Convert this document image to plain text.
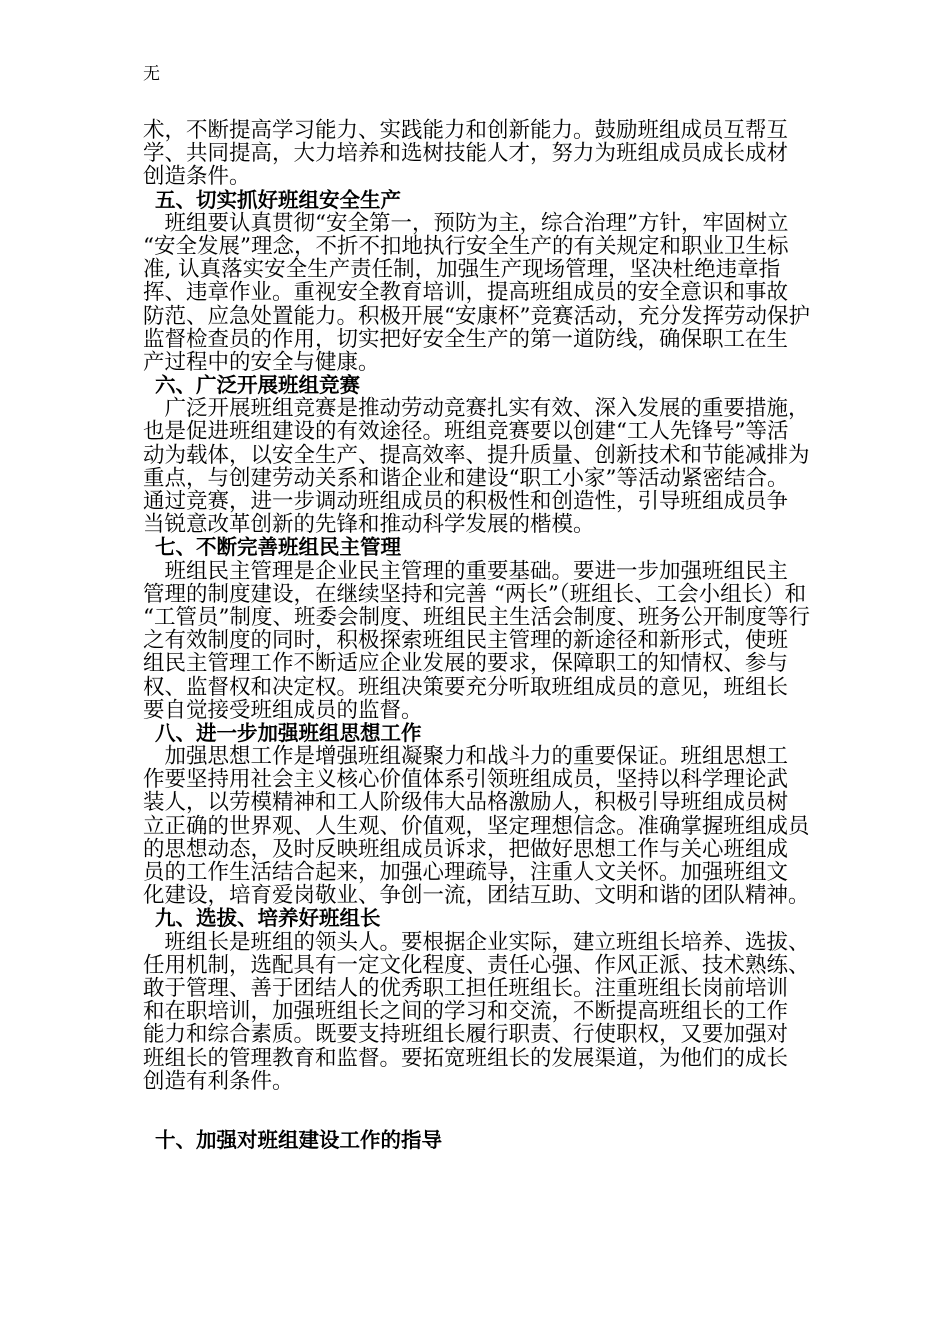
无
术，不断提高学习能力、实践能力和创新能力。鼓励班组成员互帮互
学、共同提高，大力培养和选树技能人才，努力为班组成员成长成材
创造条件。
五、切实抓好班组安全生产
　班组要认真贯彻“安全第一，预防为主，综合治理”方针，牢固树立
“安全发展”理念，不折不扣地执行安全生产的有关规定和职业卫生标
准, 认真落实安全生产责任制，加强生产现场管理，坚决杜绝违章指
挥、违章作业。重视安全教育培训，提高班组成员的安全意识和事故
防范、应急处置能力。积极开展“安康杯”竞赛活动，充分发挥劳动保护
监督检查员的作用，切实把好安全生产的第一道防线，确保职工在生
产过程中的安全与健康。
六、广泛开展班组竞赛
　广泛开展班组竞赛是推动劳动竞赛扎实有效、深入发展的重要措施，
也是促进班组建设的有效途径。班组竞赛要以创建“工人先锋号”等活
动为载体，以安全生产、提高效率、提升质量、创新技术和节能减排为
重点，与创建劳动关系和谐企业和建设“职工小家”等活动紧密结合。
通过竞赛，进一步调动班组成员的积极性和创造性，引导班组成员争
当锐意改革创新的先锋和推动科学发展的楷模。
七、不断完善班组民主管理
　班组民主管理是企业民主管理的重要基础。要进一步加强班组民主
管理的制度建设，在继续坚持和完善 “两长”（班组长、工会小组长）和
“工管员”制度、班委会制度、班组民主生活会制度、班务公开制度等行
之有效制度的同时，积极探索班组民主管理的新途径和新形式，使班
组民主管理工作不断适应企业发展的要求，保障职工的知情权、参与
权、监督权和决定权。班组决策要充分听取班组成员的意见，班组长
要自觉接受班组成员的监督。
八、进一步加强班组思想工作
　加强思想工作是增强班组凝聚力和战斗力的重要保证。班组思想工
作要坚持用社会主义核心价值体系引领班组成员，坚持以科学理论武
装人，以劳模精神和工人阶级伟大品格激励人，积极引导班组成员树
立正确的世界观、人生观、价值观，坚定理想信念。准确掌握班组成员
的思想动态，及时反映班组成员诉求，把做好思想工作与关心班组成
员的工作生活结合起来，加强心理疏导，注重人文关怀。加强班组文
化建设，培育爱岗敬业、争创一流，团结互助、文明和谐的团队精神。
九、选拔、培养好班组长
　班组长是班组的领头人。要根据企业实际，建立班组长培养、选拔、
任用机制，选配具有一定文化程度、责任心强、作风正派、技术熟练、
敢于管理、善于团结人的优秀职工担任班组长。注重班组长岗前培训
和在职培训，加强班组长之间的学习和交流，不断提高班组长的工作
能力和综合素质。既要支持班组长履行职责、行使职权，又要加强对
班组长的管理教育和监督。要拓宽班组长的发展渠道，为他们的成长
创造有利条件。
十、加强对班组建设工作的指导
